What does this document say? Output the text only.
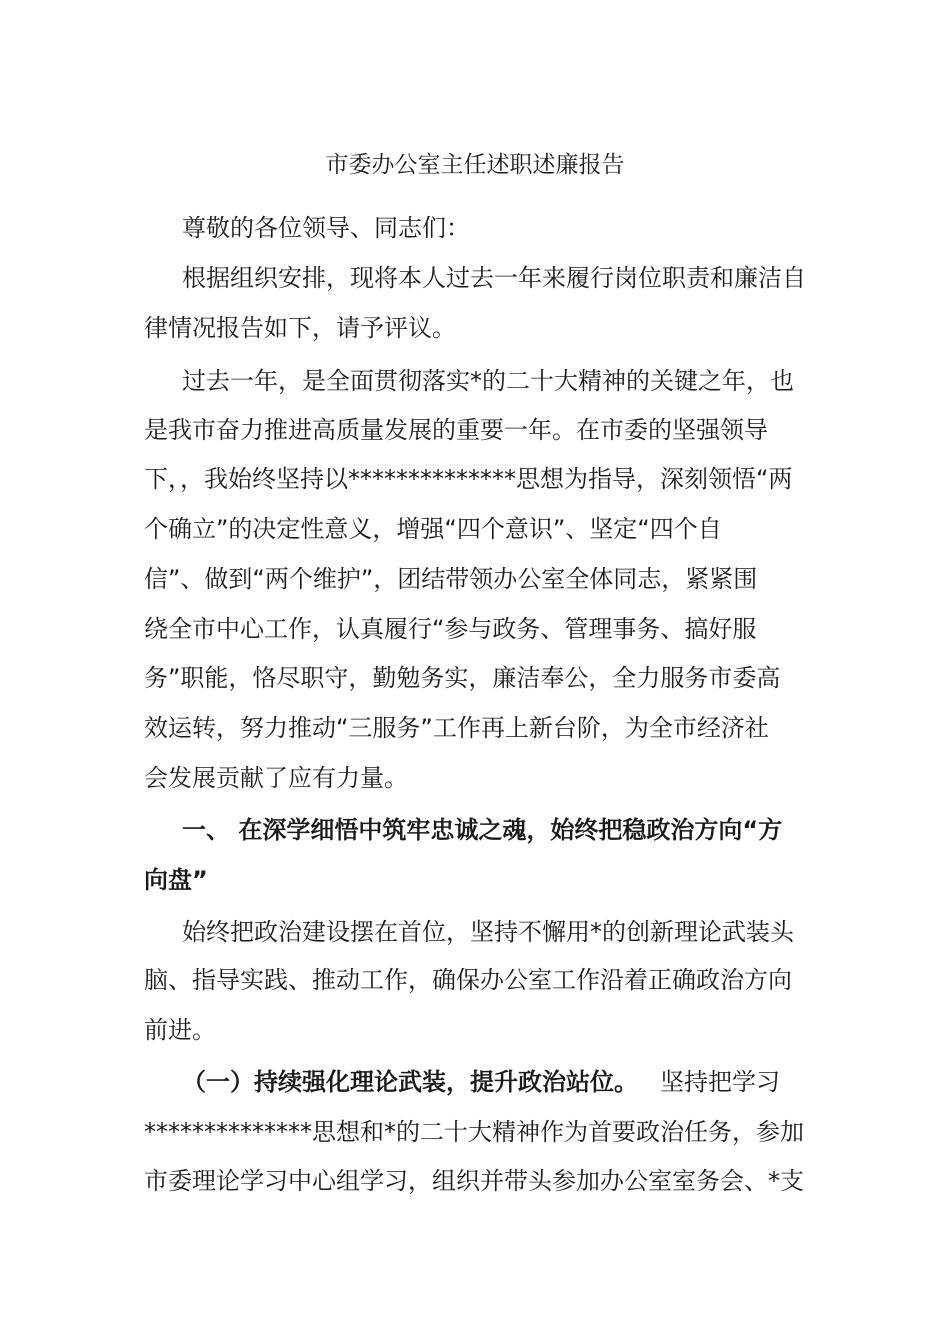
市委办公室主任述职述廉报告

尊敬的各位领导、同志们：

根据组织安排，现将本人过去一年来履行岗位职责和廉洁自

律情况报告如下，请予评议。

过去一年，是全面贯彻落实*的二十大精神的关键之年，也

是我市奋力推进高质量发展的重要一年。在市委的坚强领导

下，，我始终坚持以**************思想为指导，深刻领悟“两

个确立”的决定性意义，增强“四个意识”、坚定“四个自

信”、做到“两个维护”，团结带领办公室全体同志，紧紧围

绕全市中心工作，认真履行“参与政务、管理事务、搞好服

务”职能，恪尽职守，勤勉务实，廉洁奉公，全力服务市委高

效运转，努力推动“三服务”工作再上新台阶，为全市经济社

会发展贡献了应有力量。

一、 在深学细悟中筑牢忠诚之魂，始终把稳政治方向“方

向盘”

始终把政治建设摆在首位，坚持不懈用*的创新理论武装头

脑、指导实践、推动工作，确保办公室工作沿着正确政治方向

前进。

（一）持续强化理论武装，提升政治站位。 坚持把学习

**************思想和*的二十大精神作为首要政治任务，参加

市委理论学习中心组学习，组织并带头参加办公室室务会、*支
